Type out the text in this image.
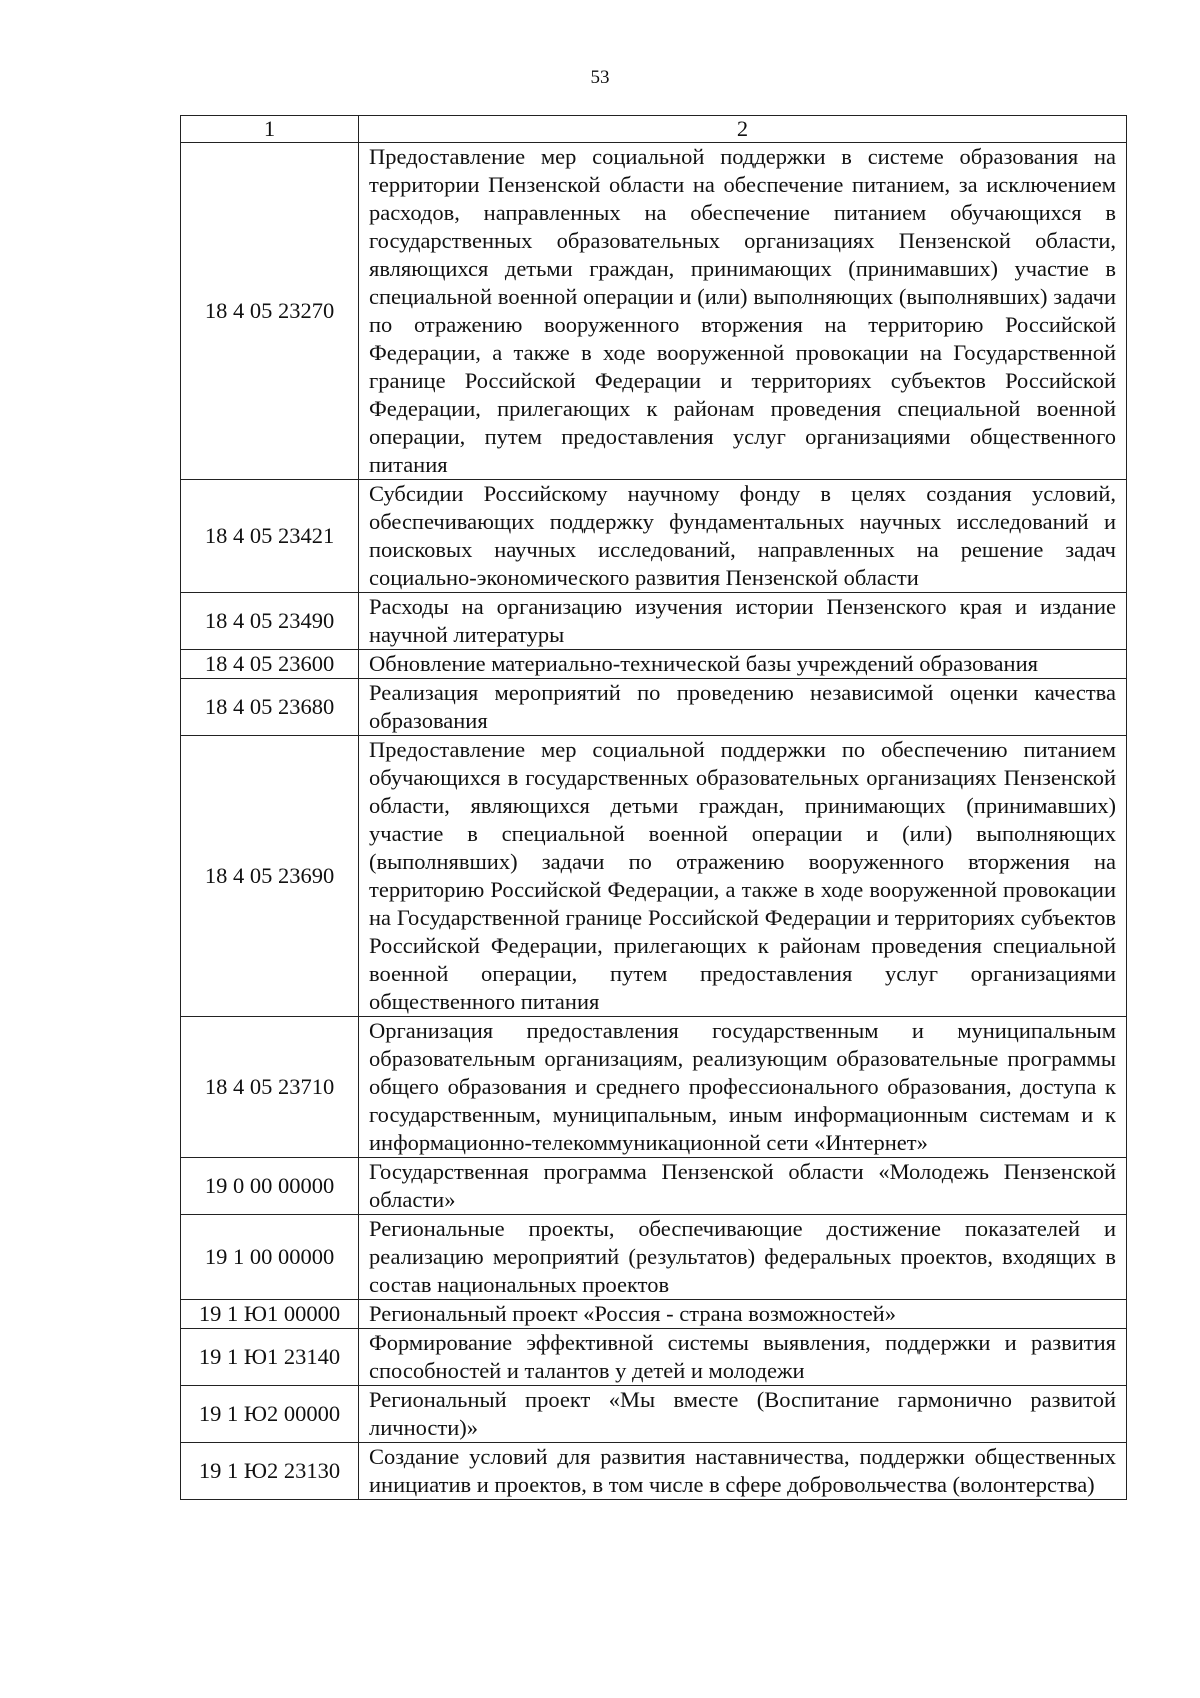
53
1	2
18 4 05 23270	Предоставление мер социальной поддержки в системе образования на территории Пензенской области на обеспечение питанием, за исключением расходов, направленных на обеспечение питанием обучающихся в государственных образовательных организациях Пензенской области, являющихся детьми граждан, принимающих (принимавших) участие в специальной военной операции и (или) выполняющих (выполнявших) задачи по отражению вооруженного вторжения на территорию Российской Федерации, а также в ходе вооруженной провокации на Государственной границе Российской Федерации и территориях субъектов Российской Федерации, прилегающих к районам проведения специальной военной операции, путем предоставления услуг организациями общественного питания
18 4 05 23421	Субсидии Российскому научному фонду в целях создания условий, обеспечивающих поддержку фундаментальных научных исследований и поисковых научных исследований, направленных на решение задач социально-экономического развития Пензенской области
18 4 05 23490	Расходы на организацию изучения истории Пензенского края и издание научной литературы
18 4 05 23600	Обновление материально-технической базы учреждений образования
18 4 05 23680	Реализация мероприятий по проведению независимой оценки качества образования
18 4 05 23690	Предоставление мер социальной поддержки по обеспечению питанием обучающихся в государственных образовательных организациях Пензенской области, являющихся детьми граждан, принимающих (принимавших) участие в специальной военной операции и (или) выполняющих (выполнявших) задачи по отражению вооруженного вторжения на территорию Российской Федерации, а также в ходе вооруженной провокации на Государственной границе Российской Федерации и территориях субъектов Российской Федерации, прилегающих к районам проведения специальной военной операции, путем предоставления услуг организациями общественного питания
18 4 05 23710	Организация предоставления государственным и муниципальным образовательным организациям, реализующим образовательные программы общего образования и среднего профессионального образования, доступа к государственным, муниципальным, иным информационным системам и к информационно-телекоммуникационной сети «Интернет»
19 0 00 00000	Государственная программа Пензенской области «Молодежь Пензенской области»
19 1 00 00000	Региональные проекты, обеспечивающие достижение показателей и реализацию мероприятий (результатов) федеральных проектов, входящих в состав национальных проектов
19 1 Ю1 00000	Региональный проект «Россия - страна возможностей»
19 1 Ю1 23140	Формирование эффективной системы выявления, поддержки и развития способностей и талантов у детей и молодежи
19 1 Ю2 00000	Региональный проект «Мы вместе (Воспитание гармонично развитой личности)»
19 1 Ю2 23130	Создание условий для развития наставничества, поддержки общественных инициатив и проектов, в том числе в сфере добровольчества (волонтерства)
